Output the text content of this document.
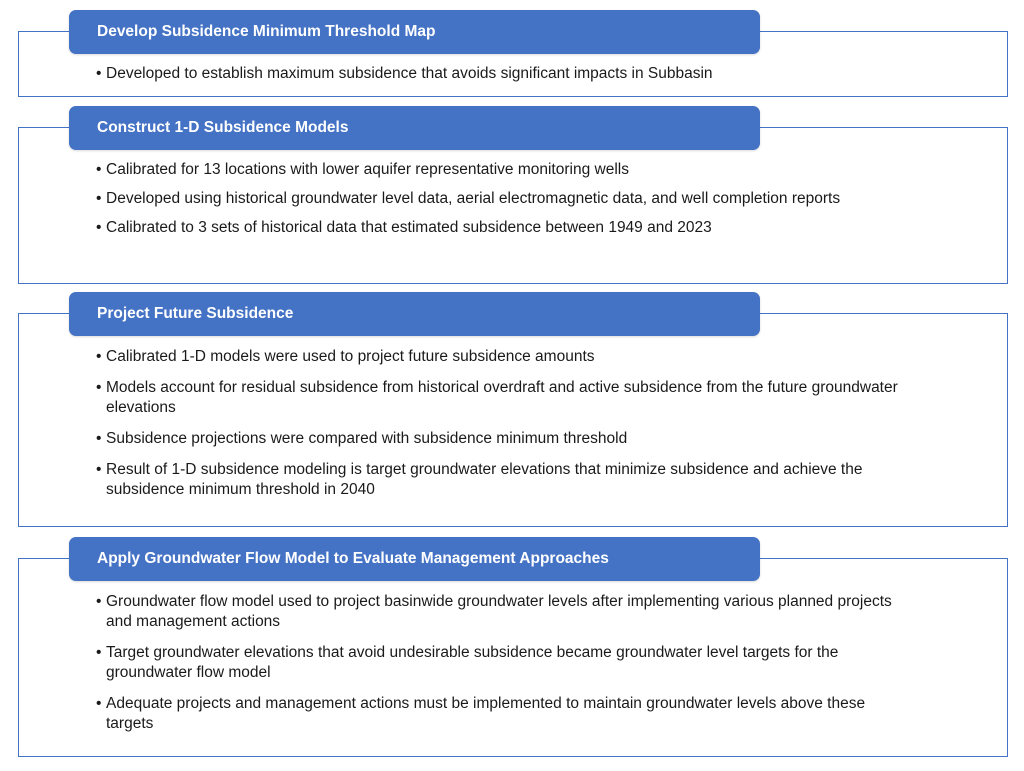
Develop Subsidence Minimum Threshold Map
• Developed to establish maximum subsidence that avoids significant impacts in Subbasin
Construct 1-D Subsidence Models
• Calibrated for 13 locations with lower aquifer representative monitoring wells
• Developed using historical groundwater level data, aerial electromagnetic data, and well completion reports
• Calibrated to 3 sets of historical data that estimated subsidence between 1949 and 2023
Project Future Subsidence
• Calibrated 1-D models were used to project future subsidence amounts
• Models account for residual subsidence from historical overdraft and active subsidence from the future groundwater elevations
• Subsidence projections were compared with subsidence minimum threshold
• Result of 1-D subsidence modeling is target groundwater elevations that minimize subsidence and achieve the subsidence minimum threshold in 2040
Apply Groundwater Flow Model to Evaluate Management Approaches
• Groundwater flow model used to project basinwide groundwater levels after implementing various planned projects and management actions
• Target groundwater elevations that avoid undesirable subsidence became groundwater level targets for the groundwater flow model
• Adequate projects and management actions must be implemented to maintain groundwater levels above these targets
